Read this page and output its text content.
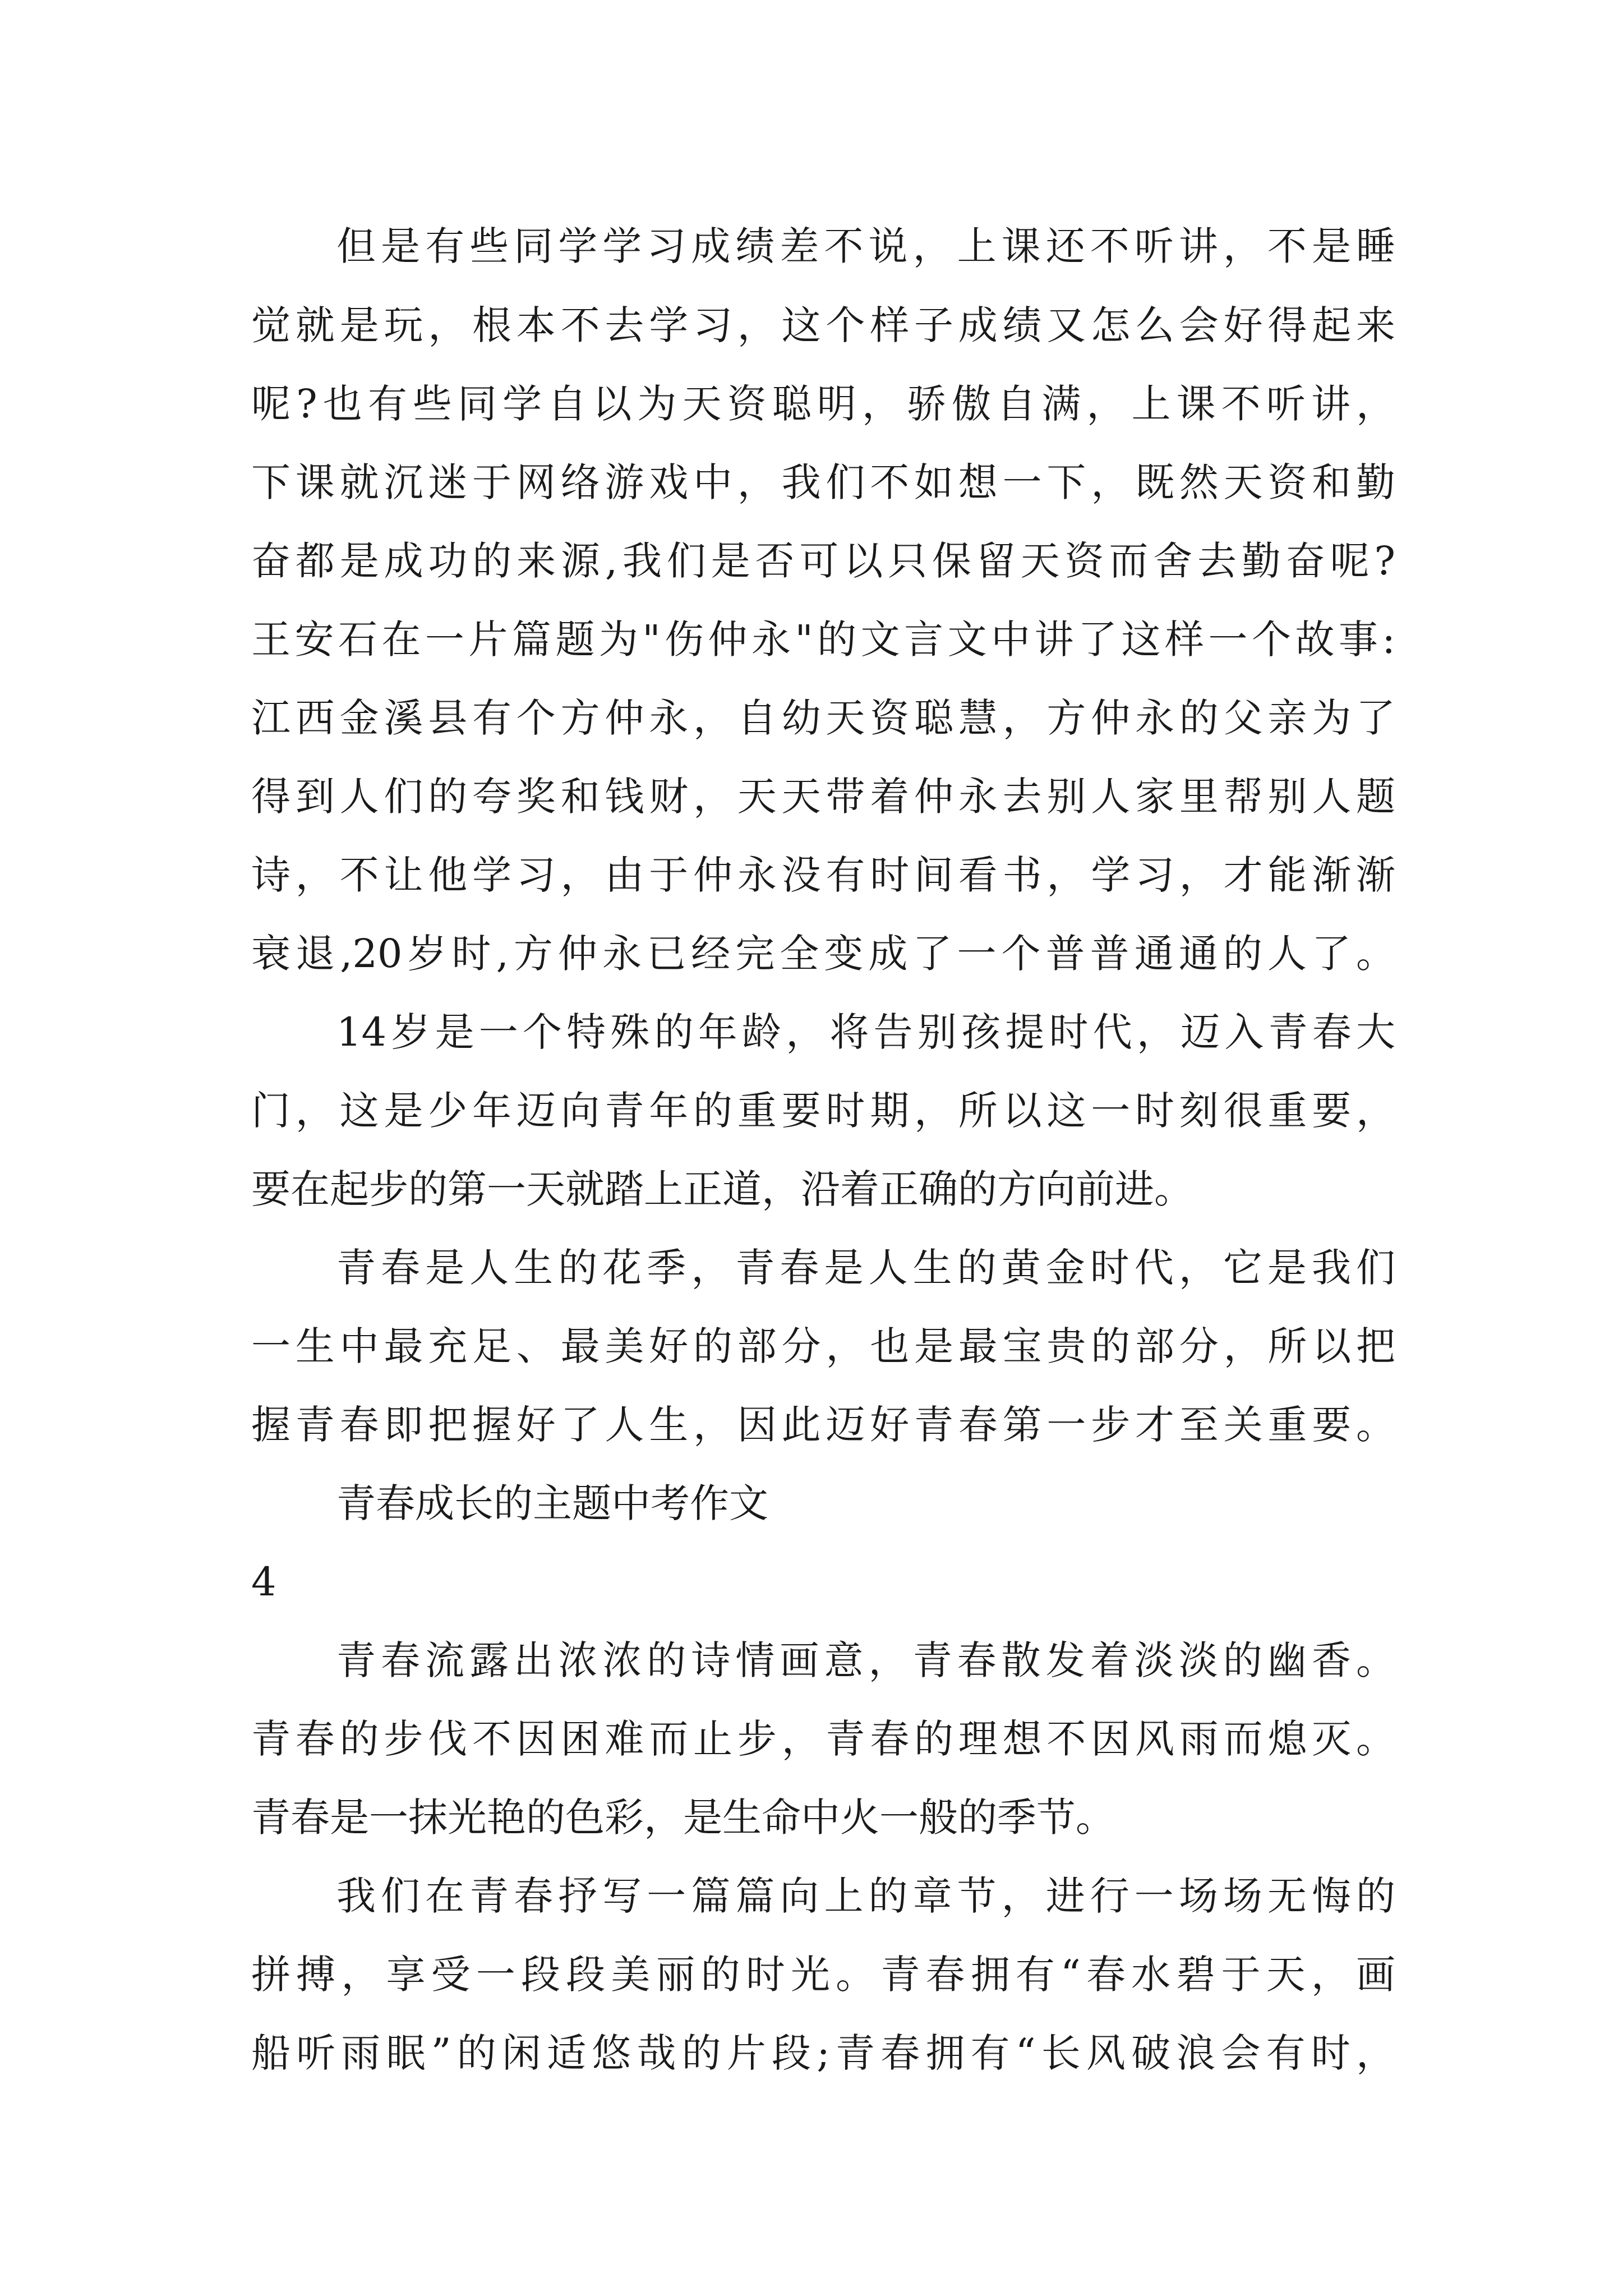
但是有些同学学习成绩差不说，上课还不听讲，不是睡

觉就是玩，根本不去学习，这个样子成绩又怎么会好得起来

呢?也有些同学自以为天资聪明，骄傲自满，上课不听讲，

下课就沉迷于网络游戏中，我们不如想一下，既然天资和勤

奋都是成功的来源,我们是否可以只保留天资而舍去勤奋呢?

王安石在一片篇题为"伤仲永"的文言文中讲了这样一个故事:

江西金溪县有个方仲永，自幼天资聪慧，方仲永的父亲为了

得到人们的夸奖和钱财，天天带着仲永去别人家里帮别人题

诗，不让他学习，由于仲永没有时间看书，学习，才能渐渐

衰退,20岁时,方仲永已经完全变成了一个普普通通的人了。

14岁是一个特殊的年龄，将告别孩提时代，迈入青春大

门，这是少年迈向青年的重要时期，所以这一时刻很重要，

要在起步的第一天就踏上正道，沿着正确的方向前进。

青春是人生的花季，青春是人生的黄金时代，它是我们

一生中最充足、最美好的部分，也是最宝贵的部分，所以把

握青春即把握好了人生，因此迈好青春第一步才至关重要。

青春成长的主题中考作文

4

青春流露出浓浓的诗情画意，青春散发着淡淡的幽香。

青春的步伐不因困难而止步，青春的理想不因风雨而熄灭。

青春是一抹光艳的色彩，是生命中火一般的季节。

我们在青春抒写一篇篇向上的章节，进行一场场无悔的

拼搏，享受一段段美丽的时光。青春拥有“春水碧于天，画

船听雨眠”的闲适悠哉的片段;青春拥有“长风破浪会有时，
